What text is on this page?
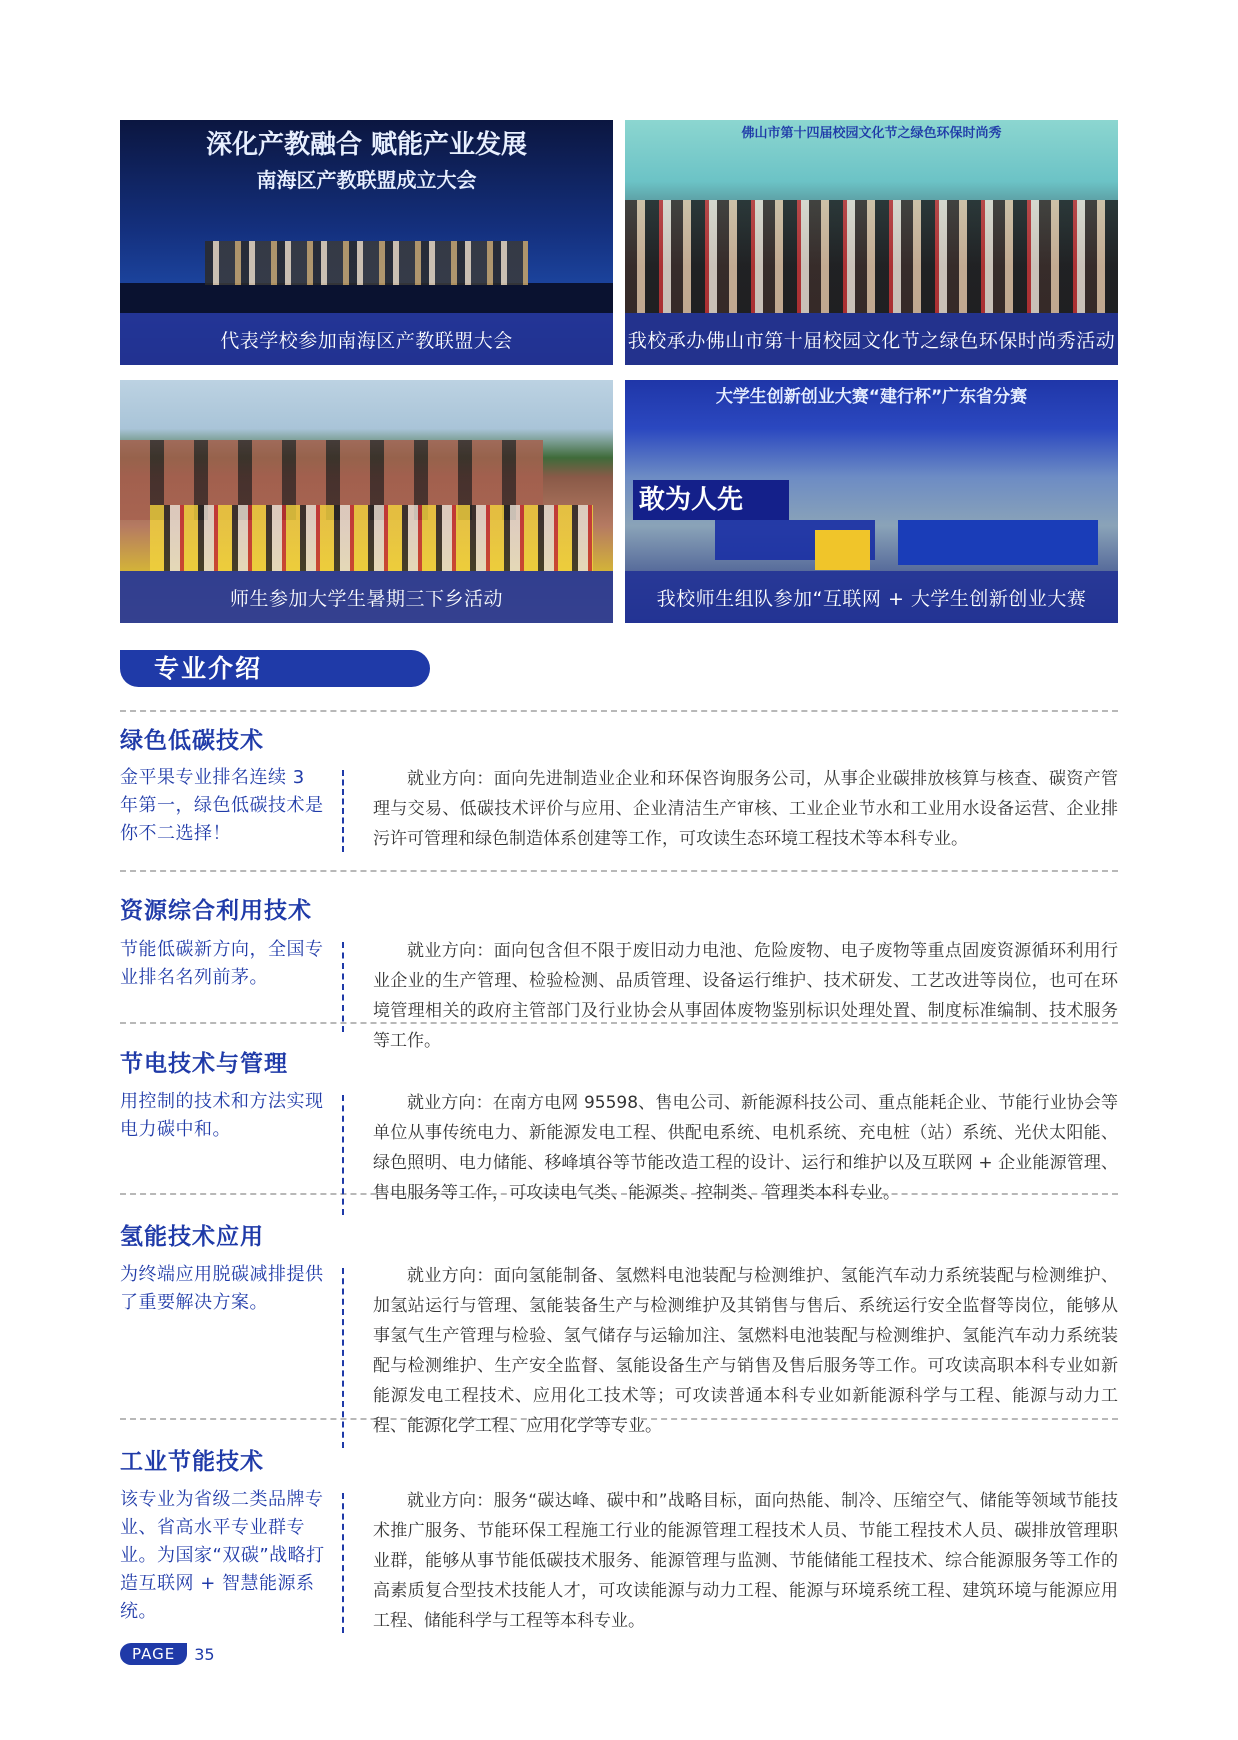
深化产教融合 赋能产业发展
南海区产教联盟成立大会
代表学校参加南海区产教联盟大会
佛山市第十四届校园文化节之绿色环保时尚秀
我校承办佛山市第十届校园文化节之绿色环保时尚秀活动
师生参加大学生暑期三下乡活动
大学生创新创业大赛“建行杯”广东省分赛
敢为人先
我校师生组队参加“互联网 + 大学生创新创业大赛
专业介绍
绿色低碳技术
金平果专业排名连续 3 年第一，绿色低碳技术是你不二选择！
就业方向：面向先进制造业企业和环保咨询服务公司，从事企业碳排放核算与核查、碳资产管理与交易、低碳技术评价与应用、企业清洁生产审核、工业企业节水和工业用水设备运营、企业排污许可管理和绿色制造体系创建等工作，可攻读生态环境工程技术等本科专业。
资源综合利用技术
节能低碳新方向，全国专业排名名列前茅。
就业方向：面向包含但不限于废旧动力电池、危险废物、电子废物等重点固废资源循环利用行业企业的生产管理、检验检测、品质管理、设备运行维护、技术研发、工艺改进等岗位，也可在环境管理相关的政府主管部门及行业协会从事固体废物鉴别标识处理处置、制度标准编制、技术服务等工作。
节电技术与管理
用控制的技术和方法实现电力碳中和。
就业方向：在南方电网 95598、售电公司、新能源科技公司、重点能耗企业、节能行业协会等单位从事传统电力、新能源发电工程、供配电系统、电机系统、充电桩（站）系统、光伏太阳能、绿色照明、电力储能、移峰填谷等节能改造工程的设计、运行和维护以及互联网 + 企业能源管理、售电服务等工作，可攻读电气类、能源类、控制类、管理类本科专业。
氢能技术应用
为终端应用脱碳减排提供了重要解决方案。
就业方向：面向氢能制备、氢燃料电池装配与检测维护、氢能汽车动力系统装配与检测维护、加氢站运行与管理、氢能装备生产与检测维护及其销售与售后、系统运行安全监督等岗位，能够从事氢气生产管理与检验、氢气储存与运输加注、氢燃料电池装配与检测维护、氢能汽车动力系统装配与检测维护、生产安全监督、氢能设备生产与销售及售后服务等工作。可攻读高职本科专业如新能源发电工程技术、应用化工技术等；可攻读普通本科专业如新能源科学与工程、能源与动力工程、能源化学工程、应用化学等专业。
工业节能技术
该专业为省级二类品牌专业、省高水平专业群专业。为国家“双碳”战略打造互联网 + 智慧能源系统。
就业方向：服务“碳达峰、碳中和”战略目标，面向热能、制冷、压缩空气、储能等领域节能技术推广服务、节能环保工程施工行业的能源管理工程技术人员、节能工程技术人员、碳排放管理职业群，能够从事节能低碳技术服务、能源管理与监测、节能储能工程技术、综合能源服务等工作的高素质复合型技术技能人才，可攻读能源与动力工程、能源与环境系统工程、建筑环境与能源应用工程、储能科学与工程等本科专业。
PAGE	35
